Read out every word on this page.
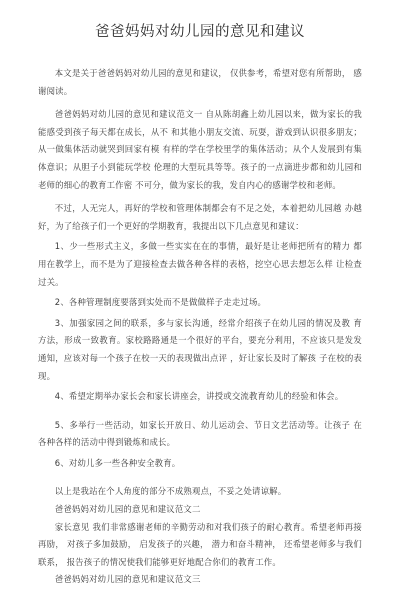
爸爸妈妈对幼儿园的意见和建议

本文是关于爸爸妈妈对幼儿园的意见和建议， 仅供参考，希望对您有所帮助， 感谢阅读。

爸爸妈妈对幼儿园的意见和建议范文一 自从陈胡鑫上幼儿园以来，做为家长的我能感受到孩子每天都在成长，从不 和其他小朋友交流、玩耍，游戏到认识很多朋友；从一做集体活动就哭到回家有模 有样的学在学校里学的集体活动；从个人发展到有集体意识；从胆子小到能玩学校 伦理的大型玩具等等。孩子的一点滴进步都和幼儿园和老师的细心的教育工作密 不可分，做为家长的我，发自内心的感谢学校和老师。

不过，人无完人，再好的学校和管理体制都会有不足之处，本着把幼儿园越 办越好，为了给孩子们一个更好的学期教育，我提出以下几点意见和建议：

1、少一些形式主义，多做一些实实在在的事情，最好是让老师把所有的精力 都用在教学上，而不是为了迎接检查去做各种各样的表格，挖空心思去想怎么样 让检查过关。

2、各种管理制度要落到实处而不是做做样子走走过场。

3、加强家园之间的联系，多与家长沟通，经常介绍孩子在幼儿园的情况及教 育方法，形成一致教育。家校路路通是一个很好的平台，要充分利用，不应该只是发发通知，应该对每一个孩子在校一天的表现做出点评 ，好让家长及时了解孩 子在校的表现。

4、希望定期举办家长会和家长讲座会，讲授或交流教育幼儿的经验和体会。

5、多举行一些活动，如家长开放日、幼儿运动会、节日文艺活动等。让孩子 在各种各样的活动中得到锻炼和成长。

6、对幼儿多一些各种安全教育。

以上是我站在个人角度的部分不成熟观点，不妥之处请谅解。

爸爸妈妈对幼儿园的意见和建议范文二

家长意见 我们非常感谢老师的辛勤劳动和对我们孩子的耐心教育。希望老师再接再励， 对孩子多加鼓励， 启发孩子的兴趣， 潜力和奋斗精神， 还希望老师多与我们联系， 报告孩子的情况使我们能够更好地配合你们的教育工作。

爸爸妈妈对幼儿园的意见和建议范文三
